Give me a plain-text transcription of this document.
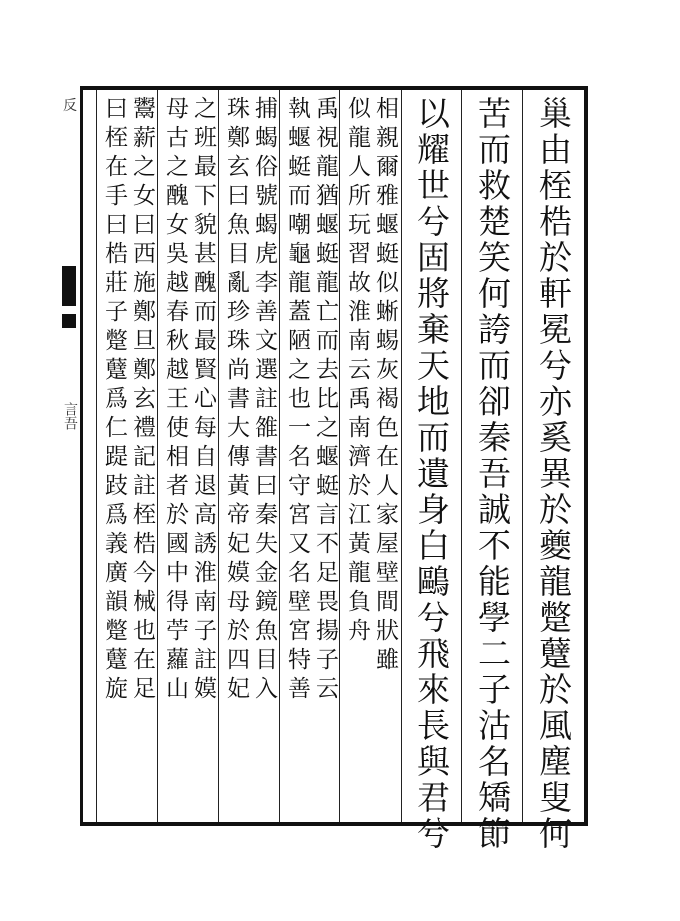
反
言吾	巢由桎梏於軒冕兮亦奚異於夔龍蹩躠於風塵叟何
苦而救楚笑何誇而卻秦吾誠不能學二子沽名矯節
以耀世兮固將棄天地而遺身白鷗兮飛來長與君兮
相親爾雅蝘蜓似蜥蜴灰褐色在人家屋壁間狀雖
似龍人所玩習故淮南云禹南濟於江黃龍負舟
禹視龍猶蝘蜓龍亡而去比之蝘蜓言不足畏揚子云
執蝘蜓而嘲龜龍蓋陋之也一名守宮又名壁宮特善
捕蝎俗號蝎虎李善文選註雒書曰秦失金鏡魚目入
珠鄭玄曰魚目亂珍珠尚書大傳黃帝妃嫫母於四妃
之班最下貌甚醜而最賢心每自退高誘淮南子註嫫
母古之醜女吳越春秋越王使相者於國中得苧蘿山
鬻薪之女曰西施鄭旦鄭玄禮記註桎梏今械也在足
曰桎在手曰梏莊子蹩躠爲仁踶跂爲義廣韻蹩躠旋
